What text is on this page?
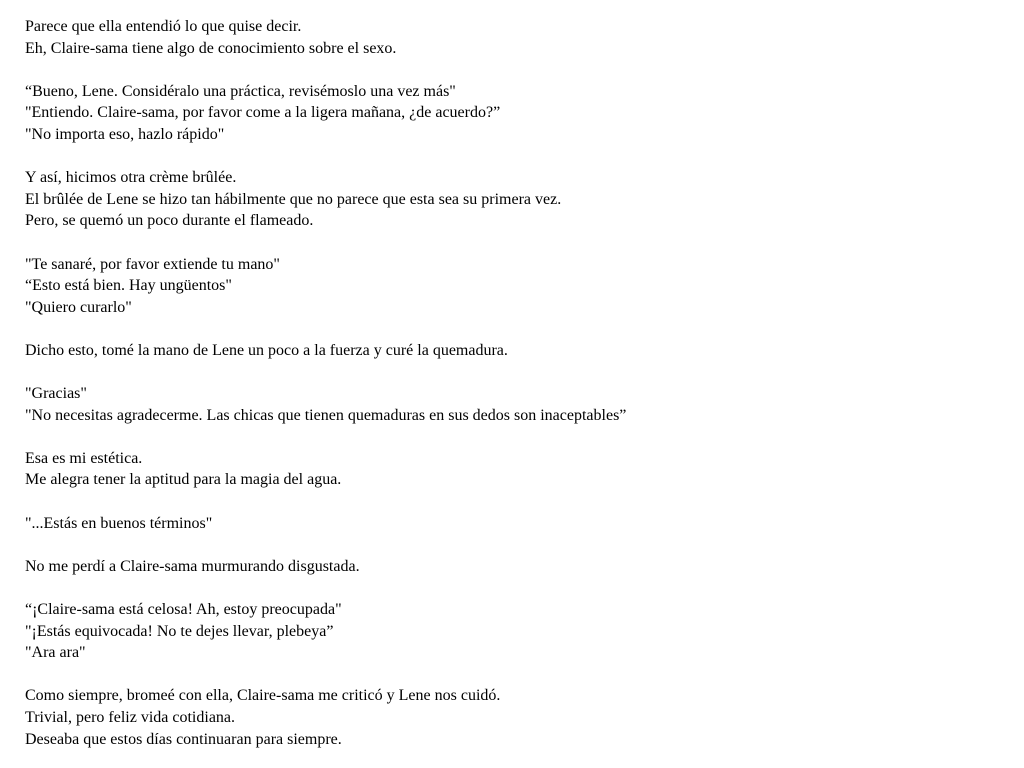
Parece que ella entendió lo que quise decir.
Eh, Claire-sama tiene algo de conocimiento sobre el sexo.
“Bueno, Lene. Considéralo una práctica, revisémoslo una vez más"
"Entiendo. Claire-sama, por favor come a la ligera mañana, ¿de acuerdo?”
"No importa eso, hazlo rápido"
Y así, hicimos otra crème brûlée.
El brûlée de Lene se hizo tan hábilmente que no parece que esta sea su primera vez.
Pero, se quemó un poco durante el flameado.
"Te sanaré, por favor extiende tu mano"
“Esto está bien. Hay ungüentos"
"Quiero curarlo"
Dicho esto, tomé la mano de Lene un poco a la fuerza y curé la quemadura.
"Gracias"
"No necesitas agradecerme. Las chicas que tienen quemaduras en sus dedos son inaceptables”
Esa es mi estética.
Me alegra tener la aptitud para la magia del agua.
"...Estás en buenos términos"
No me perdí a Claire-sama murmurando disgustada.
“¡Claire-sama está celosa! Ah, estoy preocupada"
"¡Estás equivocada! No te dejes llevar, plebeya”
"Ara ara"
Como siempre, bromeé con ella, Claire-sama me criticó y Lene nos cuidó.
Trivial, pero feliz vida cotidiana.
Deseaba que estos días continuaran para siempre.
